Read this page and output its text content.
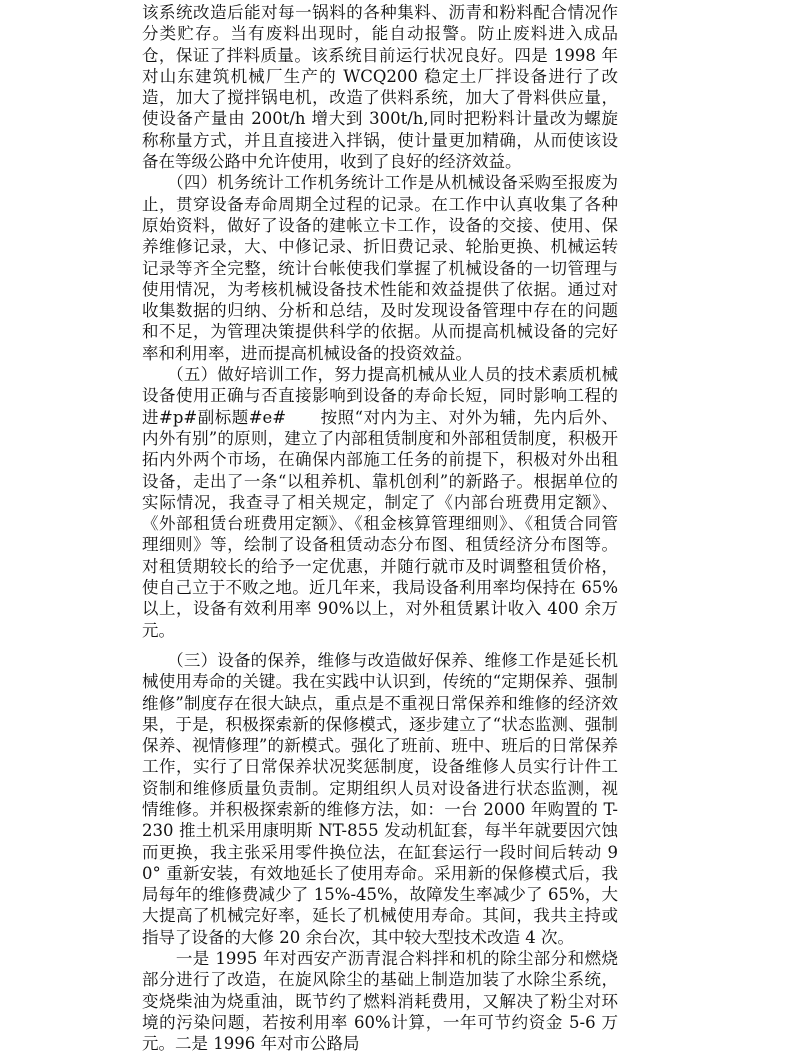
该系统改造后能对每一锅料的各种集料、沥青和粉料配合情况作分类贮存。当有废料出现时，能自动报警。防止废料进入成品仓，保证了拌料质量。该系统目前运行状况良好。四是 1998 年对山东建筑机械厂生产的 WCQ200 稳定土厂拌设备进行了改造，加大了搅拌锅电机，改造了供料系统，加大了骨料供应量，使设备产量由 200t/h 增大到 300t/h,同时把粉料计量改为螺旋称称量方式，并且直接进入拌锅，使计量更加精确，从而使该设备在等级公路中允许使用，收到了良好的经济效益。

　　（四）机务统计工作机务统计工作是从机械设备采购至报废为止，贯穿设备寿命周期全过程的记录。在工作中认真收集了各种原始资料，做好了设备的建帐立卡工作，设备的交接、使用、保养维修记录，大、中修记录、折旧费记录、轮胎更换、机械运转记录等齐全完整，统计台帐使我们掌握了机械设备的一切管理与使用情况，为考核机械设备技术性能和效益提供了依据。通过对收集数据的归纳、分析和总结，及时发现设备管理中存在的问题和不足，为管理决策提供科学的依据。从而提高机械设备的完好率和利用率，进而提高机械设备的投资效益。

　　（五）做好培训工作，努力提高机械从业人员的技术素质机械设备使用正确与否直接影响到设备的寿命长短，同时影响工程的进#p#副标题#e#　　按照“对内为主、对外为辅，先内后外、内外有别”的原则，建立了内部租赁制度和外部租赁制度，积极开拓内外两个市场，在确保内部施工任务的前提下，积极对外出租设备，走出了一条“以租养机、靠机创利”的新路子。根据单位的实际情况，我查寻了相关规定，制定了《内部台班费用定额》、《外部租赁台班费用定额》、《租金核算管理细则》、《租赁合同管理细则》等，绘制了设备租赁动态分布图、租赁经济分布图等。对租赁期较长的给予一定优惠，并随行就市及时调整租赁价格，使自己立于不败之地。近几年来，我局设备利用率均保持在 65%以上，设备有效利用率 90%以上，对外租赁累计收入 400 余万元。

　　（三）设备的保养，维修与改造做好保养、维修工作是延长机械使用寿命的关键。我在实践中认识到，传统的“定期保养、强制维修”制度存在很大缺点，重点是不重视日常保养和维修的经济效果，于是，积极探索新的保修模式，逐步建立了“状态监测、强制保养、视情修理”的新模式。强化了班前、班中、班后的日常保养工作，实行了日常保养状况奖惩制度，设备维修人员实行计件工资制和维修质量负责制。定期组织人员对设备进行状态监测，视情维修。并积极探索新的维修方法，如：一台 2000 年购置的 T-230 推土机采用康明斯 NT-855 发动机缸套，每半年就要因穴蚀而更换，我主张采用零件换位法，在缸套运行一段时间后转动 90° 重新安装，有效地延长了使用寿命。采用新的保修模式后，我局每年的维修费减少了 15%-45%，故障发生率减少了 65%，大大提高了机械完好率，延长了机械使用寿命。其间，我共主持或指导了设备的大修 20 余台次，其中较大型技术改造 4 次。

　　一是 1995 年对西安产沥青混合料拌和机的除尘部分和燃烧部分进行了改造，在旋风除尘的基础上制造加装了水除尘系统，变烧柴油为烧重油，既节约了燃料消耗费用，又解决了粉尘对环境的污染问题，若按利用率 60%计算，一年可节约资金 5-6 万元。二是 1996 年对市公路局
